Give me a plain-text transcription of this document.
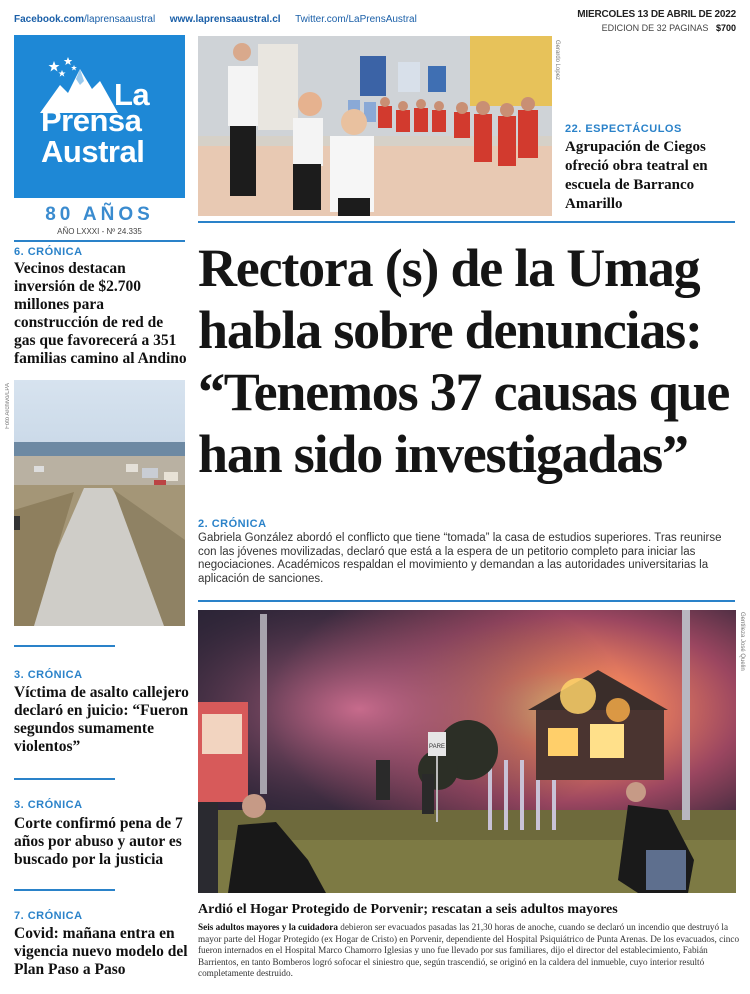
Facebook.com/laprensaaustral www.laprensaaustral.cl Twitter.com/LaPrensAustral	MIERCOLES 13 DE ABRIL DE 2022
EDICION DE 32 PAGINAS $700
La
Prensa
Austral
80 AÑOS
AÑO LXXXI - Nº 24.335
6. CRÓNICA
Vecinos destacan inversión de $2.700 millones para construcción de red de gas que favorecerá a 351 familias camino al Andino
Foto Archivo/LPA
3. CRÓNICA
Víctima de asalto callejero declaró en juicio: “Fueron segundos sumamente violentos”
3. CRÓNICA
Corte confirmó pena de 7 años por abuso y autor es buscado por la justicia
7. CRÓNICA
Covid: mañana entra en vigencia nuevo modelo del Plan Paso a Paso
Gerardo Lopez
22. ESPECTÁCULOS
Agrupación de Ciegos ofreció obra teatral en escuela de Barranco Amarillo
Rectora (s) de la Umag habla sobre denuncias: “Tenemos 37 causas que han sido investigadas”
2. CRÓNICA
Gabriela González abordó el conflicto que tiene “tomada” la casa de estudios superiores. Tras reunirse con las jóvenes movilizadas, declaró que está a la espera de un petitorio completo para iniciar las negociaciones. Académicos respaldan el movimiento y demandan a las autoridades universitarias la aplicación de sanciones.
PARE
Gentileza José Quelin
Ardió el Hogar Protegido de Porvenir; rescatan a seis adultos mayores
Seis adultos mayores y la cuidadora debieron ser evacuados pasadas las 21,30 horas de anoche, cuando se declaró un incendio que destruyó la mayor parte del Hogar Protegido (ex Hogar de Cristo) en Porvenir, dependiente del Hospital Psiquiátrico de Punta Arenas. De los evacuados, cinco fueron internados en el Hospital Marco Chamorro Iglesias y uno fue llevado por sus familiares, dijo el director del establecimiento, Fabián Barrientos, en tanto Bomberos logró sofocar el siniestro que, según trascendió, se originó en la caldera del inmueble, cuyo interior resultó completamente destruido.
